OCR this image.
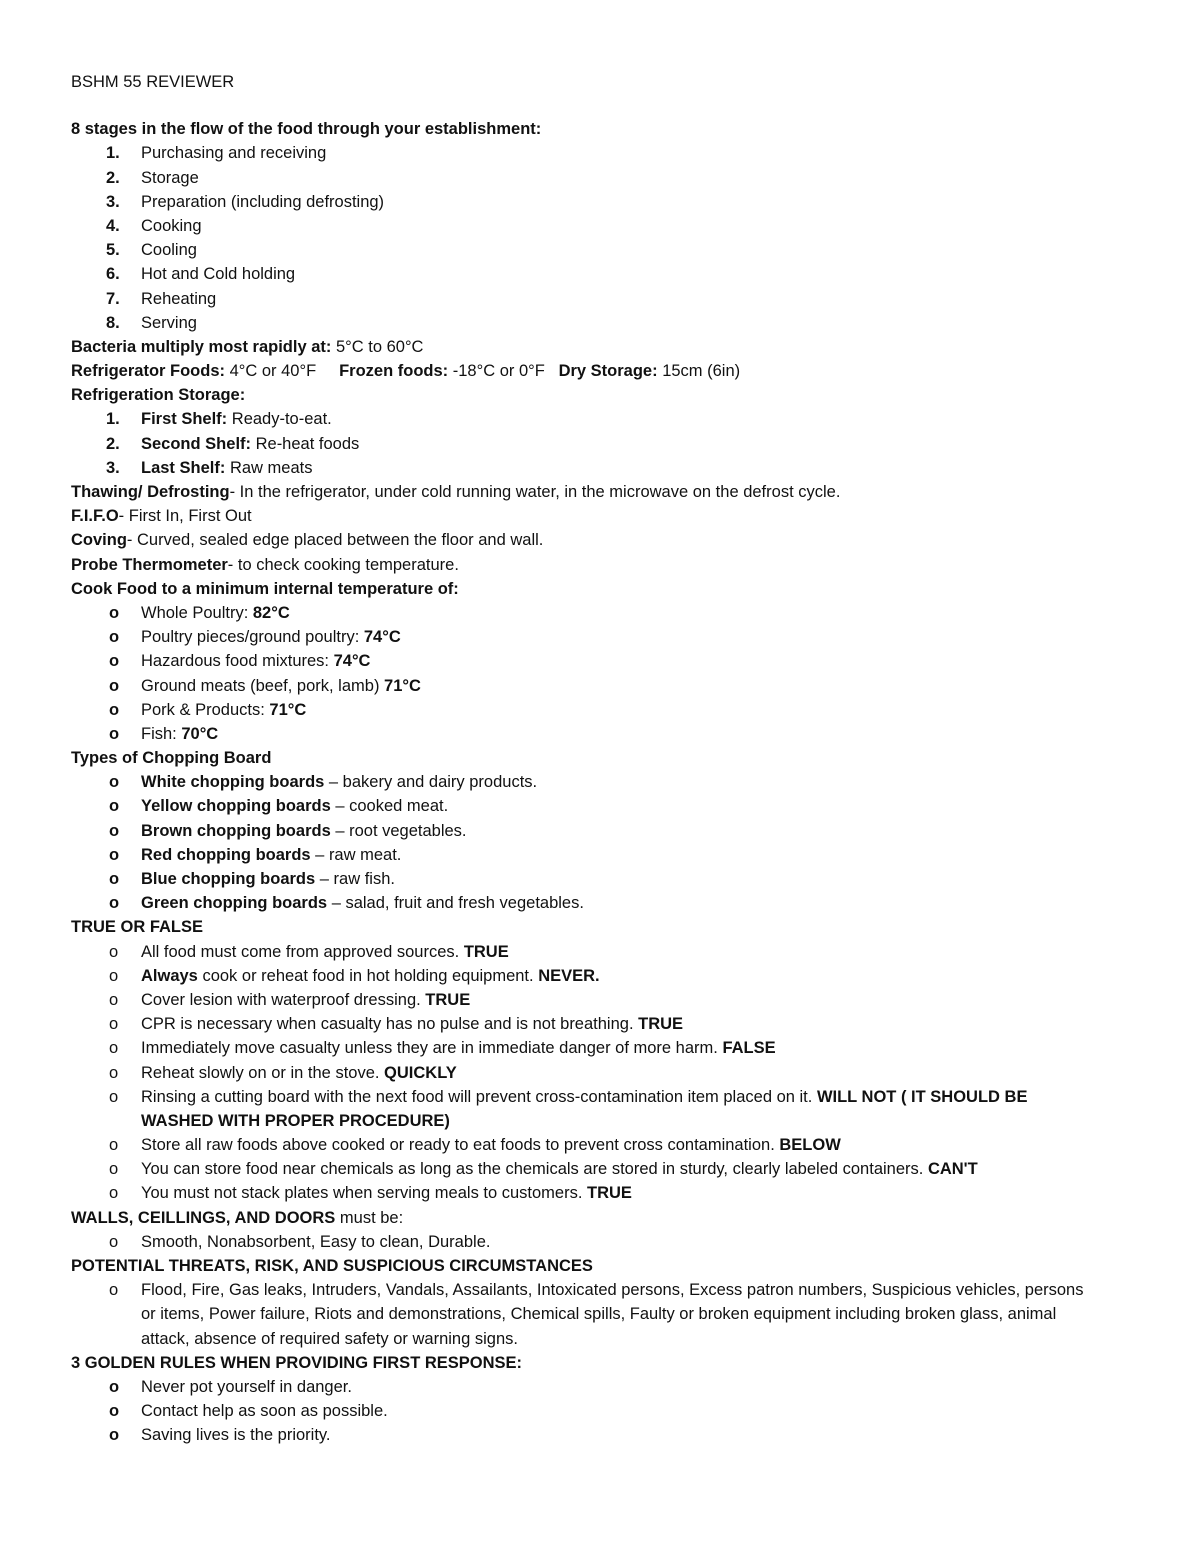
BSHM 55 REVIEWER
8 stages in the flow of the food through your establishment:
1. Purchasing and receiving
2. Storage
3. Preparation (including defrosting)
4. Cooking
5. Cooling
6. Hot and Cold holding
7. Reheating
8. Serving
Bacteria multiply most rapidly at: 5°C to 60°C
Refrigerator Foods: 4°C or 40°F Frozen foods: -18°C or 0°F Dry Storage: 15cm (6in)
Refrigeration Storage:
1. First Shelf: Ready-to-eat.
2. Second Shelf: Re-heat foods
3. Last Shelf: Raw meats
Thawing/ Defrosting- In the refrigerator, under cold running water, in the microwave on the defrost cycle.
F.I.F.O- First In, First Out
Coving- Curved, sealed edge placed between the floor and wall.
Probe Thermometer- to check cooking temperature.
Cook Food to a minimum internal temperature of:
o Whole Poultry: 82°C
o Poultry pieces/ground poultry: 74°C
o Hazardous food mixtures: 74°C
o Ground meats (beef, pork, lamb) 71°C
o Pork & Products: 71°C
o Fish: 70°C
Types of Chopping Board
o White chopping boards – bakery and dairy products.
o Yellow chopping boards – cooked meat.
o Brown chopping boards – root vegetables.
o Red chopping boards – raw meat.
o Blue chopping boards – raw fish.
o Green chopping boards – salad, fruit and fresh vegetables.
TRUE OR FALSE
o All food must come from approved sources. TRUE
o Always cook or reheat food in hot holding equipment. NEVER.
o Cover lesion with waterproof dressing. TRUE
o CPR is necessary when casualty has no pulse and is not breathing. TRUE
o Immediately move casualty unless they are in immediate danger of more harm. FALSE
o Reheat slowly on or in the stove. QUICKLY
o Rinsing a cutting board with the next food will prevent cross-contamination item placed on it. WILL NOT ( IT SHOULD BE WASHED WITH PROPER PROCEDURE)
o Store all raw foods above cooked or ready to eat foods to prevent cross contamination. BELOW
o You can store food near chemicals as long as the chemicals are stored in sturdy, clearly labeled containers. CAN'T
o You must not stack plates when serving meals to customers. TRUE
WALLS, CEILLINGS, AND DOORS must be:
o Smooth, Nonabsorbent, Easy to clean, Durable.
POTENTIAL THREATS, RISK, AND SUSPICIOUS CIRCUMSTANCES
o Flood, Fire, Gas leaks, Intruders, Vandals, Assailants, Intoxicated persons, Excess patron numbers, Suspicious vehicles, persons or items, Power failure, Riots and demonstrations, Chemical spills, Faulty or broken equipment including broken glass, animal attack, absence of required safety or warning signs.
3 GOLDEN RULES WHEN PROVIDING FIRST RESPONSE:
o Never pot yourself in danger.
o Contact help as soon as possible.
o Saving lives is the priority.
